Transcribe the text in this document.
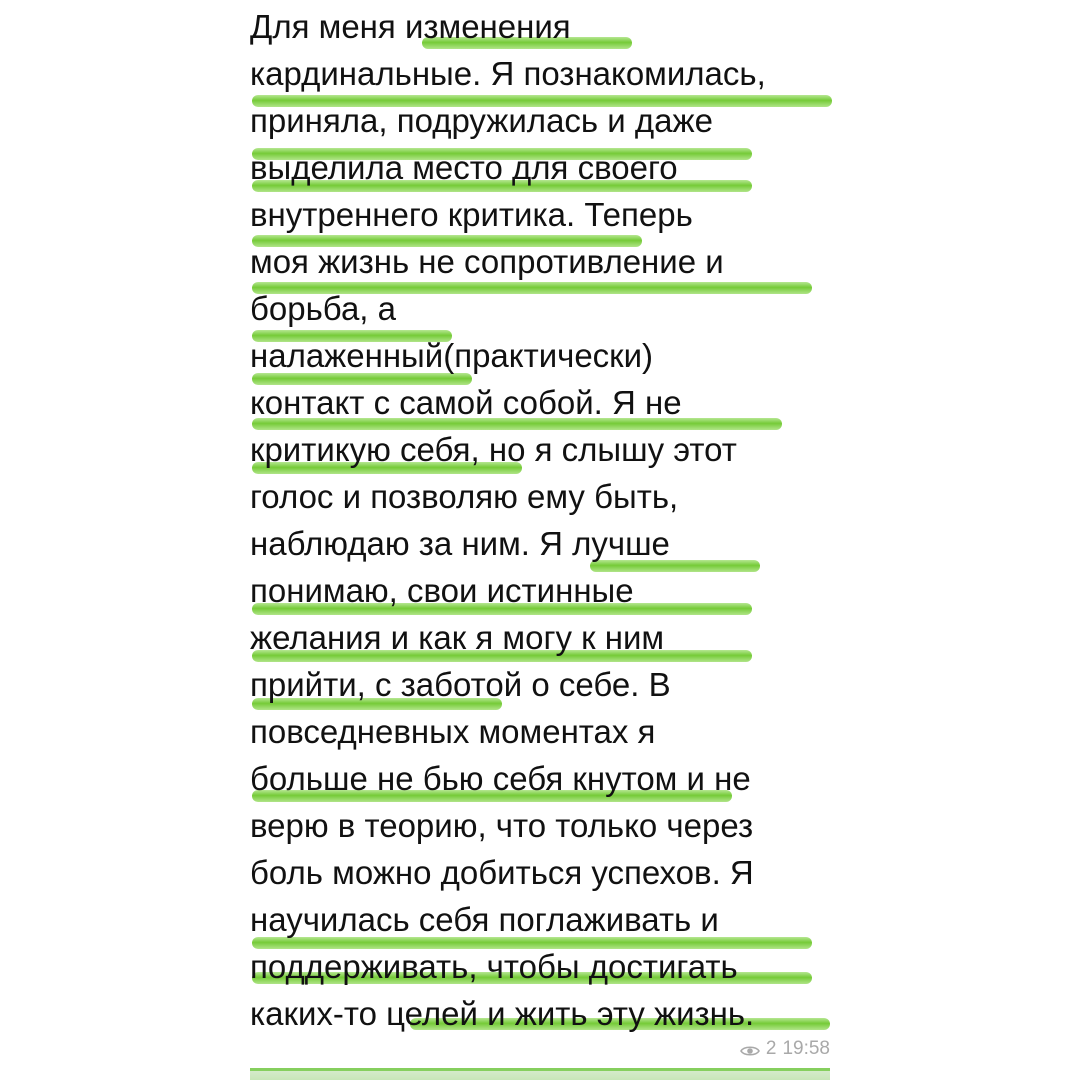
Для меня изменения
кардинальные. Я познакомилась,
приняла, подружилась и даже
выделила место для своего
внутреннего критика. Теперь
моя жизнь не сопротивление и
борьба, а
налаженный(практически)
контакт с самой собой. Я не
критикую себя, но я слышу этот
голос и позволяю ему быть,
наблюдаю за ним. Я лучше
понимаю, свои истинные
желания и как я могу к ним
прийти, с заботой о себе. В
повседневных моментах я
больше не бью себя кнутом и не
верю в теорию, что только через
боль можно добиться успехов. Я
научилась себя поглаживать и
поддерживать, чтобы достигать
каких-то целей и жить эту жизнь.
2 19:58
